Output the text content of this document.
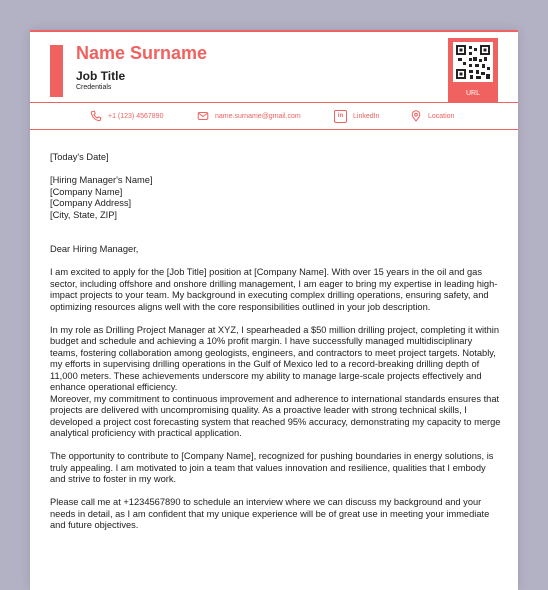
Name Surname
Job Title
Credentials
URL
+1 (123) 4567890	name.surname@gmail.com	in	LinkedIn	Location

[Today's Date]

[Hiring Manager's Name]

[Company Name]

[Company Address]

[City, State, ZIP]

Dear Hiring Manager,

I am excited to apply for the [Job Title] position at [Company Name]. With over 15 years in the oil and gas sector, including offshore and onshore drilling management, I am eager to bring my expertise in leading high-impact projects to your team. My background in executing complex drilling operations, ensuring safety, and optimizing resources aligns well with the core responsibilities outlined in your job description.

In my role as Drilling Project Manager at XYZ, I spearheaded a $50 million drilling project, completing it within budget and schedule and achieving a 10% profit margin. I have successfully managed multidisciplinary teams, fostering collaboration among geologists, engineers, and contractors to meet project targets. Notably, my efforts in supervising drilling operations in the Gulf of Mexico led to a record-breaking drilling depth of 11,000 meters. These achievements underscore my ability to manage large-scale projects effectively and enhance operational efficiency.

Moreover, my commitment to continuous improvement and adherence to international standards ensures that projects are delivered with uncompromising quality. As a proactive leader with strong technical skills, I developed a project cost forecasting system that reached 95% accuracy, demonstrating my capacity to merge analytical proficiency with practical application.

The opportunity to contribute to [Company Name], recognized for pushing boundaries in energy solutions, is truly appealing. I am motivated to join a team that values innovation and resilience, qualities that I embody and strive to foster in my work.

Please call me at +1234567890 to schedule an interview where we can discuss my background and your needs in detail, as I am confident that my unique experience will be of great use in meeting your immediate and future objectives.
